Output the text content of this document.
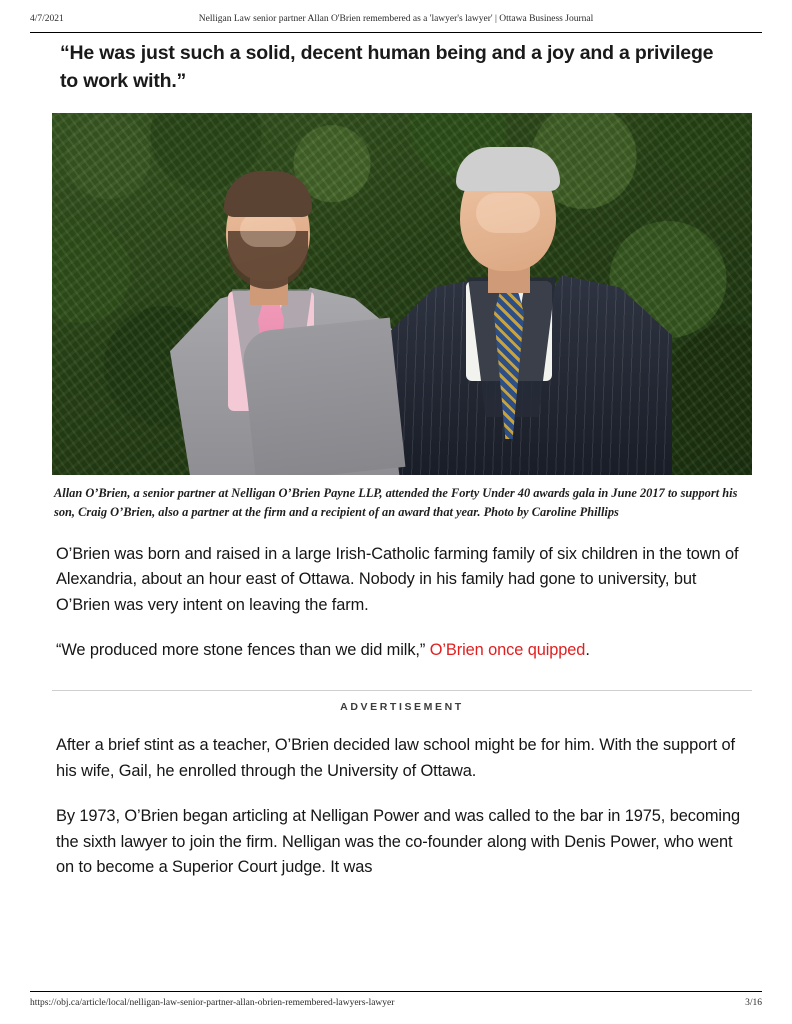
4/7/2021	Nelligan Law senior partner Allan O'Brien remembered as a 'lawyer's lawyer' | Ottawa Business Journal

“He was just such a solid, decent human being and a joy and a privilege to work with.”

Allan O’Brien, a senior partner at Nelligan O’Brien Payne LLP, attended the Forty Under 40 awards gala in June 2017 to support his son, Craig O’Brien, also a partner at the firm and a recipient of an award that year. Photo by Caroline Phillips

O’Brien was born and raised in a large Irish-Catholic farming family of six children in the town of Alexandria, about an hour east of Ottawa. Nobody in his family had gone to university, but O’Brien was very intent on leaving the farm.

“We produced more stone fences than we did milk,” O’Brien once quipped.

ADVERTISEMENT

After a brief stint as a teacher, O’Brien decided law school might be for him. With the support of his wife, Gail, he enrolled through the University of Ottawa.

By 1973, O’Brien began articling at Nelligan Power and was called to the bar in 1975, becoming the sixth lawyer to join the firm. Nelligan was the co-founder along with Denis Power, who went on to become a Superior Court judge. It was

https://obj.ca/article/local/nelligan-law-senior-partner-allan-obrien-remembered-lawyers-lawyer	3/16
